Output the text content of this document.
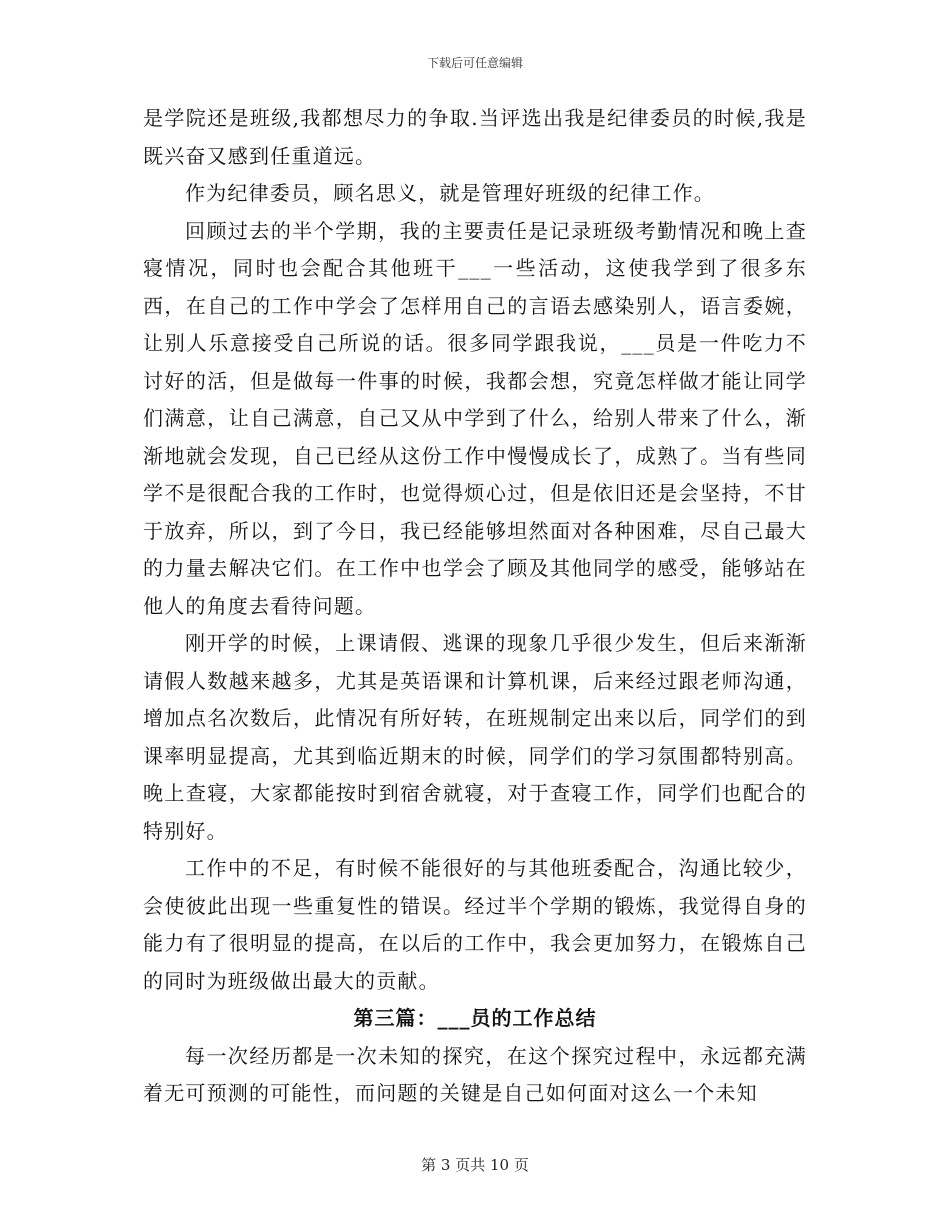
下载后可任意编辑

是学院还是班级,我都想尽力的争取.当评选出我是纪律委员的时候,我是既兴奋又感到任重道远。

作为纪律委员，顾名思义，就是管理好班级的纪律工作。

回顾过去的半个学期，我的主要责任是记录班级考勤情况和晚上查寝情况，同时也会配合其他班干___一些活动，这使我学到了很多东西，在自己的工作中学会了怎样用自己的言语去感染别人，语言委婉，让别人乐意接受自己所说的话。很多同学跟我说，___员是一件吃力不讨好的活，但是做每一件事的时候，我都会想，究竟怎样做才能让同学们满意，让自己满意，自己又从中学到了什么，给别人带来了什么，渐渐地就会发现，自己已经从这份工作中慢慢成长了，成熟了。当有些同学不是很配合我的工作时，也觉得烦心过，但是依旧还是会坚持，不甘于放弃，所以，到了今日，我已经能够坦然面对各种困难，尽自己最大的力量去解决它们。在工作中也学会了顾及其他同学的感受，能够站在他人的角度去看待问题。

刚开学的时候，上课请假、逃课的现象几乎很少发生，但后来渐渐请假人数越来越多，尤其是英语课和计算机课，后来经过跟老师沟通，增加点名次数后，此情况有所好转，在班规制定出来以后，同学们的到课率明显提高，尤其到临近期末的时候，同学们的学习氛围都特别高。晚上查寝，大家都能按时到宿舍就寝，对于查寝工作，同学们也配合的特别好。

工作中的不足，有时候不能很好的与其他班委配合，沟通比较少，会使彼此出现一些重复性的错误。经过半个学期的锻炼，我觉得自身的能力有了很明显的提高，在以后的工作中，我会更加努力，在锻炼自己的同时为班级做出最大的贡献。

第三篇：___员的工作总结

每一次经历都是一次未知的探究，在这个探究过程中，永远都充满着无可预测的可能性，而问题的关键是自己如何面对这么一个未知

第 3 页共 10 页
